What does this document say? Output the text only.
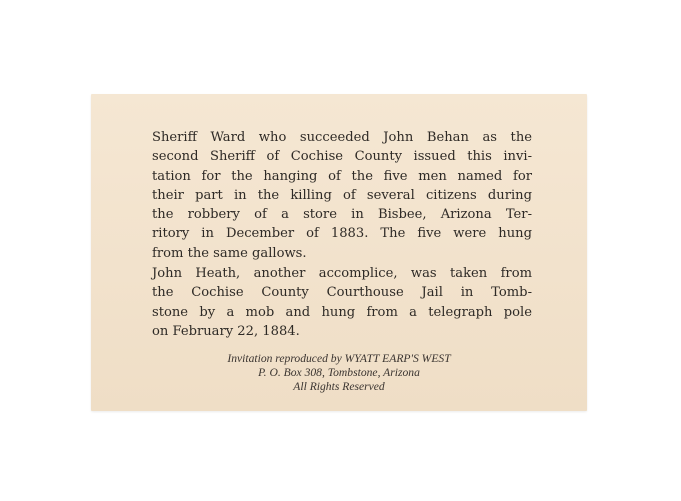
Sheriff Ward who succeeded John Behan as the
second Sheriff of Cochise County issued this invi-
tation for the hanging of the five men named for
their part in the killing of several citizens during
the robbery of a store in Bisbee, Arizona Ter-
ritory in December of 1883. The five were hung
from the same gallows.
John Heath, another accomplice, was taken from
the Cochise County Courthouse Jail in Tomb-
stone by a mob and hung from a telegraph pole
on February 22, 1884.
Invitation reproduced by WYATT EARP'S WEST
P. O. Box 308, Tombstone, Arizona
All Rights Reserved
